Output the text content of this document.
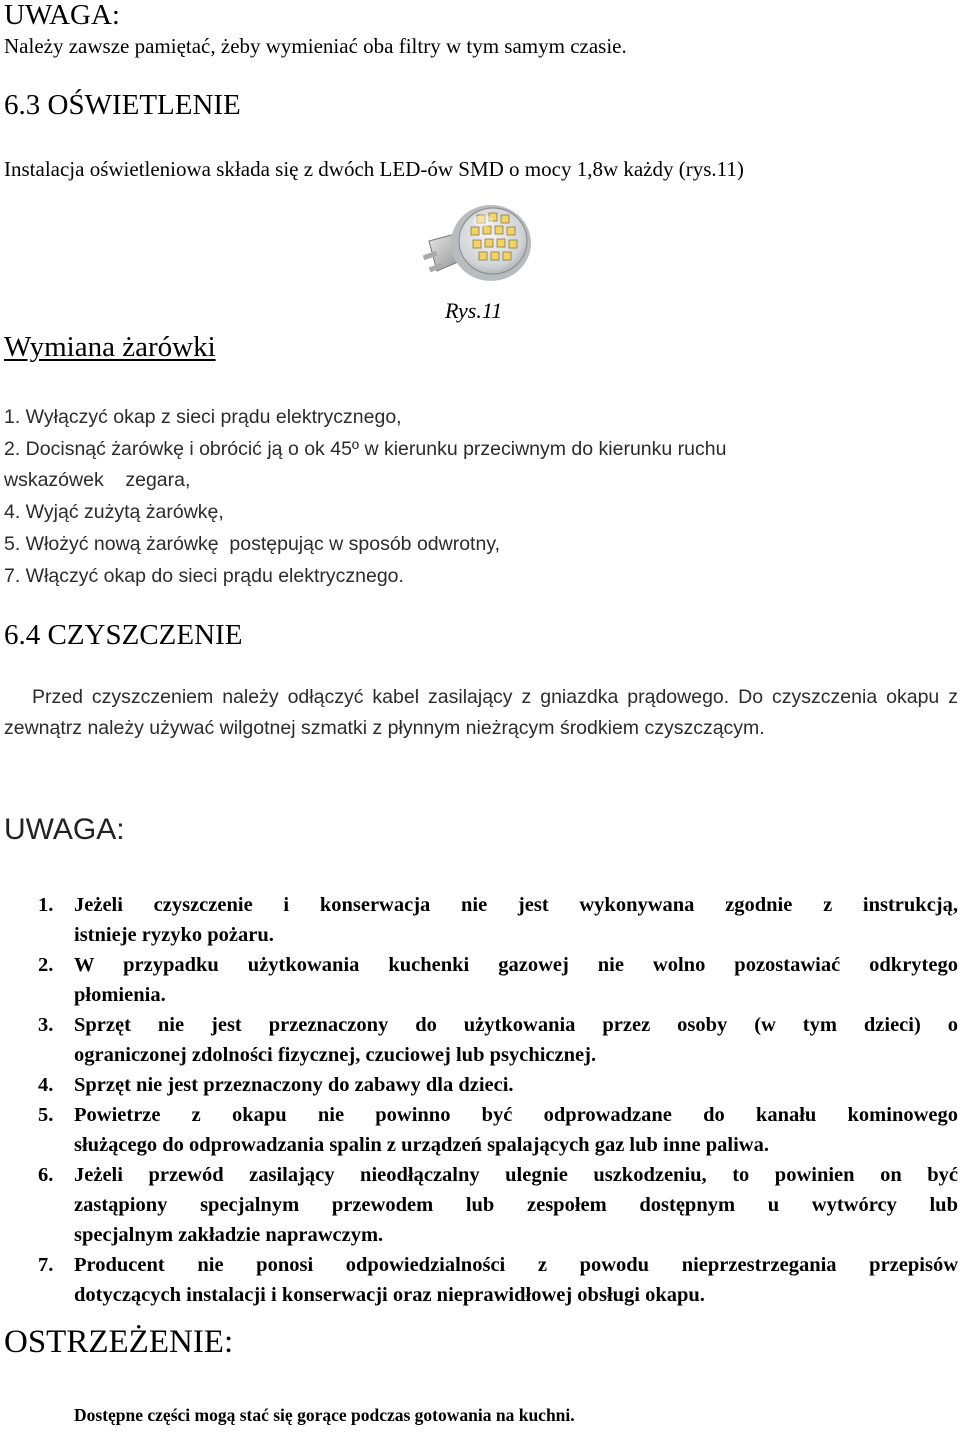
UWAGA:
Należy zawsze pamiętać, żeby wymieniać oba filtry w tym samym czasie.
6.3 OŚWIETLENIE
Instalacja oświetleniowa składa się z dwóch LED-ów SMD o mocy 1,8w każdy (rys.11)
Rys.11
Wymiana żarówki
1. Wyłączyć okap z sieci prądu elektrycznego,
2. Docisnąć żarówkę i obrócić ją o ok 45º w kierunku przeciwnym do kierunku ruchu
wskazówek    zegara,
4. Wyjąć zużytą żarówkę,
5. Włożyć nową żarówkę  postępując w sposób odwrotny,
7. Włączyć okap do sieci prądu elektrycznego.
6.4 CZYSZCZENIE
Przed czyszczeniem należy odłączyć kabel zasilający z gniazdka prądowego. Do czyszczenia okapu z zewnątrz należy używać wilgotnej szmatki z płynnym nieżrącym środkiem czyszczącym.
UWAGA:
1. Jeżeli czyszczenie i konserwacja nie jest wykonywana zgodnie z instrukcją,
istnieje ryzyko pożaru.
2. W przypadku użytkowania kuchenki gazowej nie wolno pozostawiać odkrytego
płomienia.
3. Sprzęt nie jest przeznaczony do użytkowania przez osoby (w tym dzieci) o
ograniczonej zdolności fizycznej, czuciowej lub psychicznej.
4. Sprzęt nie jest przeznaczony do zabawy dla dzieci.
5. Powietrze z okapu nie powinno być odprowadzane do kanału kominowego
służącego do odprowadzania spalin z urządzeń spalających gaz lub inne paliwa.
6. Jeżeli przewód zasilający nieodłączalny ulegnie uszkodzeniu, to powinien on być
zastąpiony specjalnym przewodem lub zespołem dostępnym u wytwórcy lub
specjalnym zakładzie naprawczym.
7. Producent nie ponosi odpowiedzialności z powodu nieprzestrzegania przepisów
dotyczących instalacji i konserwacji oraz nieprawidłowej obsługi okapu.
OSTRZEŻENIE:
Dostępne części mogą stać się gorące podczas gotowania na kuchni.
